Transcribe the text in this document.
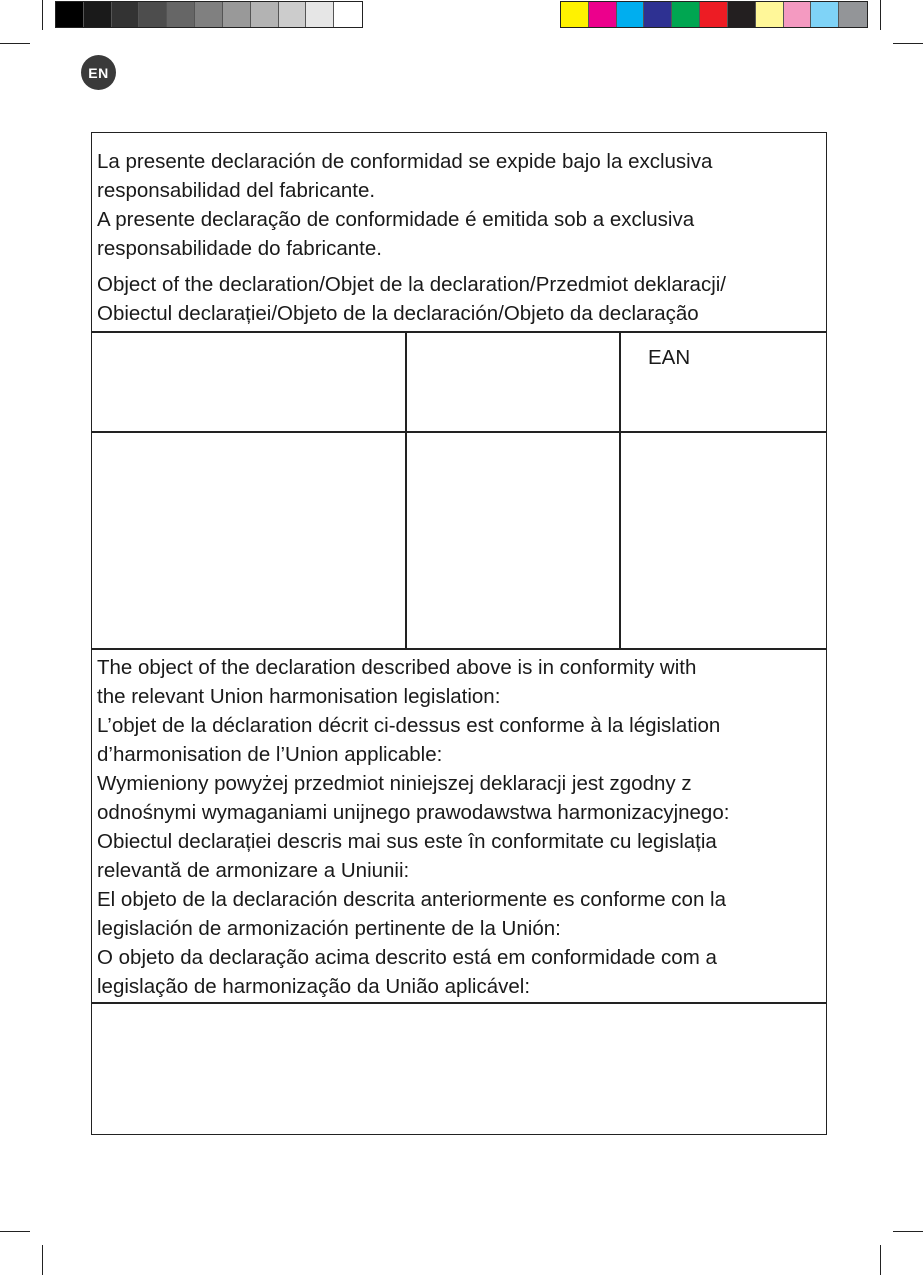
EN

La presente declaración de conformidad se expide bajo la exclusiva

responsabilidad del fabricante.

A presente declaração de conformidade é emitida sob a exclusiva

responsabilidade do fabricante.

Object of the declaration/Objet de la declaration/Przedmiot deklaracji/

Obiectul declarației/Objeto de la declaración/Objeto da declaração

EAN

The object of the declaration described above is in conformity with

the relevant Union harmonisation legislation:

L’objet de la déclaration décrit ci-dessus est conforme à la législation

d’harmonisation de l’Union applicable:

Wymieniony powyżej przedmiot niniejszej deklaracji jest zgodny z

odnośnymi wymaganiami unijnego prawodawstwa harmonizacyjnego:

Obiectul declarației descris mai sus este în conformitate cu legislația

relevantă de armonizare a Uniunii:

El objeto de la declaración descrita anteriormente es conforme con la

legislación de armonización pertinente de la Unión:

O objeto da declaração acima descrito está em conformidade com a

legislação de harmonização da União aplicável:
